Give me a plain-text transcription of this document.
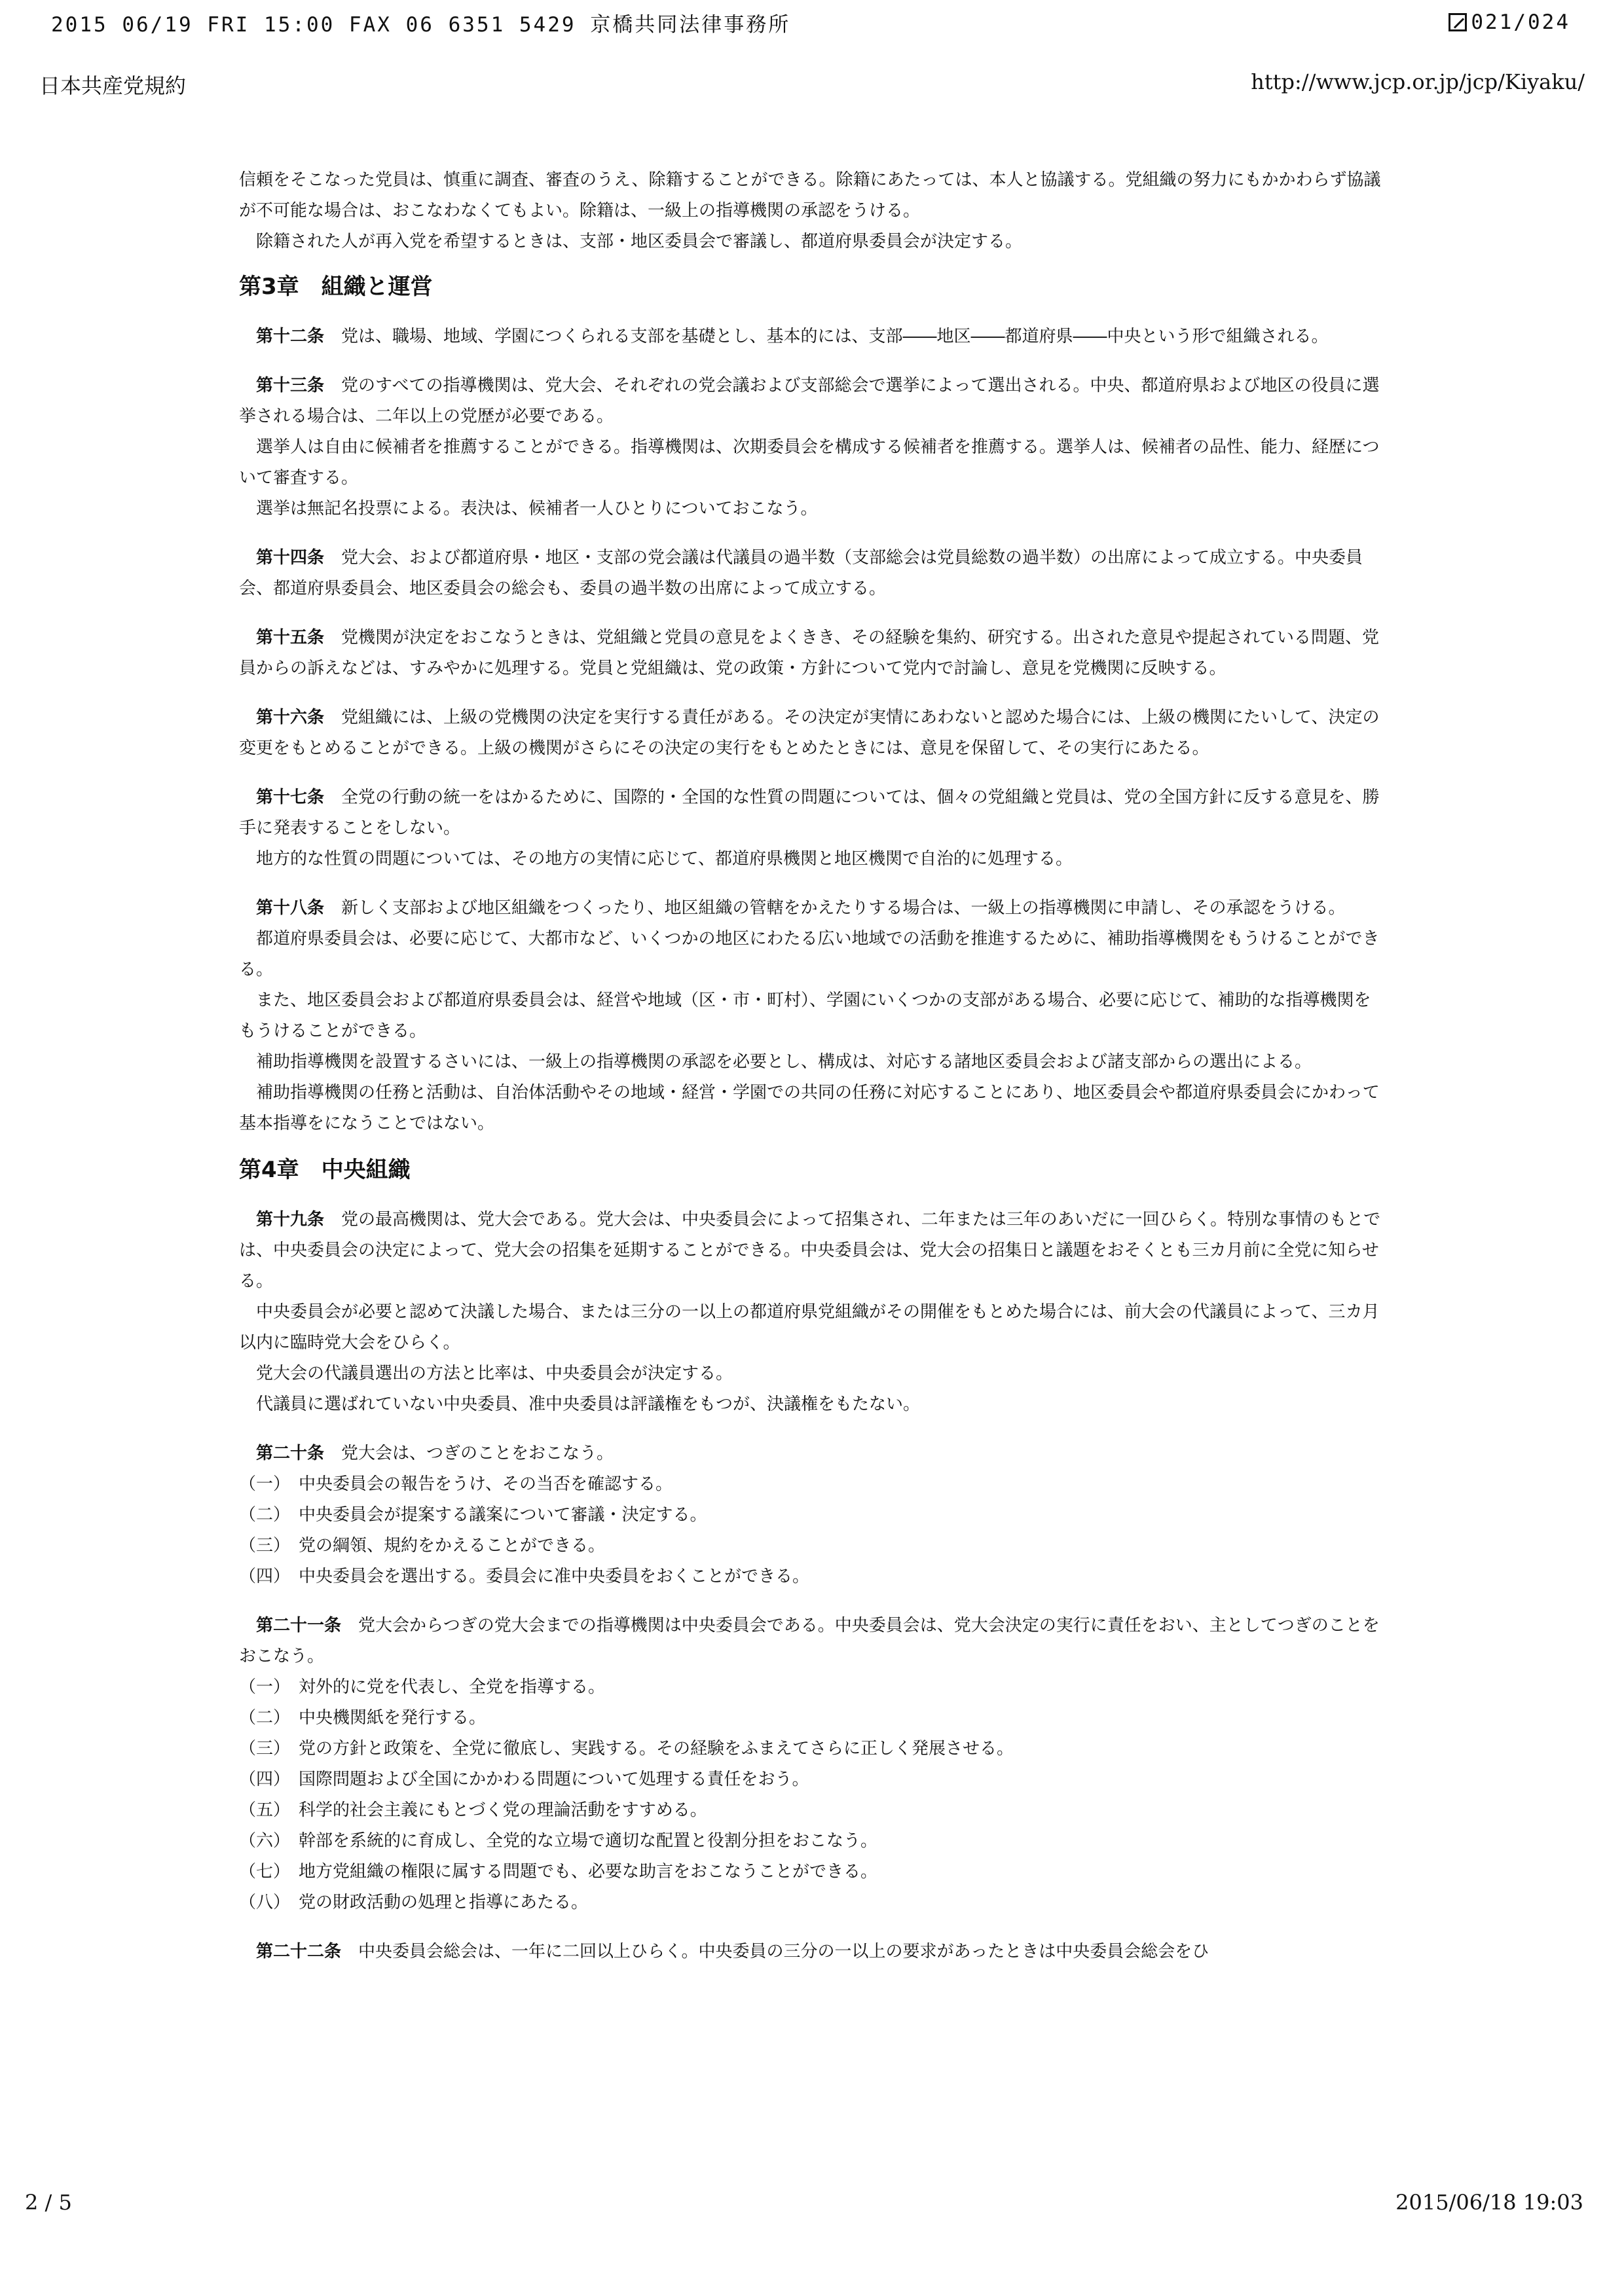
2015 06/19 FRI 15:00 FAX 06 6351 5429 京橋共同法律事務所	021/024
日本共産党規約	http://www.jcp.or.jp/jcp/Kiyaku/

信頼をそこなった党員は、慎重に調査、審査のうえ、除籍することができる。除籍にあたっては、本人と協議する。党組織の努力にもかかわらず協議が不可能な場合は、おこなわなくてもよい。除籍は、一級上の指導機関の承認をうける。

除籍された人が再入党を希望するときは、支部・地区委員会で審議し、都道府県委員会が決定する。

第3章　組織と運営

第十二条　 党は、職場、地域、学園につくられる支部を基礎とし、基本的には、支部――地区――都道府県――中央という形で組織される。

第十三条　 党のすべての指導機関は、党大会、それぞれの党会議および支部総会で選挙によって選出される。中央、都道府県および地区の役員に選挙される場合は、二年以上の党歴が必要である。

選挙人は自由に候補者を推薦することができる。指導機関は、次期委員会を構成する候補者を推薦する。選挙人は、候補者の品性、能力、経歴について審査する。

選挙は無記名投票による。表決は、候補者一人ひとりについておこなう。

第十四条　 党大会、および都道府県・地区・支部の党会議は代議員の過半数（支部総会は党員総数の過半数）の出席によって成立する。中央委員会、都道府県委員会、地区委員会の総会も、委員の過半数の出席によって成立する。

第十五条　 党機関が決定をおこなうときは、党組織と党員の意見をよくきき、その経験を集約、研究する。出された意見や提起されている問題、党員からの訴えなどは、すみやかに処理する。党員と党組織は、党の政策・方針について党内で討論し、意見を党機関に反映する。

第十六条　 党組織には、上級の党機関の決定を実行する責任がある。その決定が実情にあわないと認めた場合には、上級の機関にたいして、決定の変更をもとめることができる。上級の機関がさらにその決定の実行をもとめたときには、意見を保留して、その実行にあたる。

第十七条　 全党の行動の統一をはかるために、国際的・全国的な性質の問題については、個々の党組織と党員は、党の全国方針に反する意見を、勝手に発表することをしない。

地方的な性質の問題については、その地方の実情に応じて、都道府県機関と地区機関で自治的に処理する。

第十八条　 新しく支部および地区組織をつくったり、地区組織の管轄をかえたりする場合は、一級上の指導機関に申請し、その承認をうける。

都道府県委員会は、必要に応じて、大都市など、いくつかの地区にわたる広い地域での活動を推進するために、補助指導機関をもうけることができる。

また、地区委員会および都道府県委員会は、経営や地域（区・市・町村）、学園にいくつかの支部がある場合、必要に応じて、補助的な指導機関をもうけることができる。

補助指導機関を設置するさいには、一級上の指導機関の承認を必要とし、構成は、対応する諸地区委員会および諸支部からの選出による。

補助指導機関の任務と活動は、自治体活動やその地域・経営・学園での共同の任務に対応することにあり、地区委員会や都道府県委員会にかわって基本指導をになうことではない。

第4章　中央組織

第十九条　 党の最高機関は、党大会である。党大会は、中央委員会によって招集され、二年または三年のあいだに一回ひらく。特別な事情のもとでは、中央委員会の決定によって、党大会の招集を延期することができる。中央委員会は、党大会の招集日と議題をおそくとも三カ月前に全党に知らせる。

中央委員会が必要と認めて決議した場合、または三分の一以上の都道府県党組織がその開催をもとめた場合には、前大会の代議員によって、三カ月以内に臨時党大会をひらく。

党大会の代議員選出の方法と比率は、中央委員会が決定する。

代議員に選ばれていない中央委員、准中央委員は評議権をもつが、決議権をもたない。

第二十条　 党大会は、つぎのことをおこなう。

（一）　中央委員会の報告をうけ、その当否を確認する。

（二）　中央委員会が提案する議案について審議・決定する。

（三）　党の綱領、規約をかえることができる。

（四）　中央委員会を選出する。委員会に准中央委員をおくことができる。

第二十一条　 党大会からつぎの党大会までの指導機関は中央委員会である。中央委員会は、党大会決定の実行に責任をおい、主としてつぎのことをおこなう。

（一）　対外的に党を代表し、全党を指導する。

（二）　中央機関紙を発行する。

（三）　党の方針と政策を、全党に徹底し、実践する。その経験をふまえてさらに正しく発展させる。

（四）　国際問題および全国にかかわる問題について処理する責任をおう。

（五）　科学的社会主義にもとづく党の理論活動をすすめる。

（六）　幹部を系統的に育成し、全党的な立場で適切な配置と役割分担をおこなう。

（七）　地方党組織の権限に属する問題でも、必要な助言をおこなうことができる。

（八）　党の財政活動の処理と指導にあたる。

第二十二条　 中央委員会総会は、一年に二回以上ひらく。中央委員の三分の一以上の要求があったときは中央委員会総会をひ

2 / 5	2015/06/18 19:03
